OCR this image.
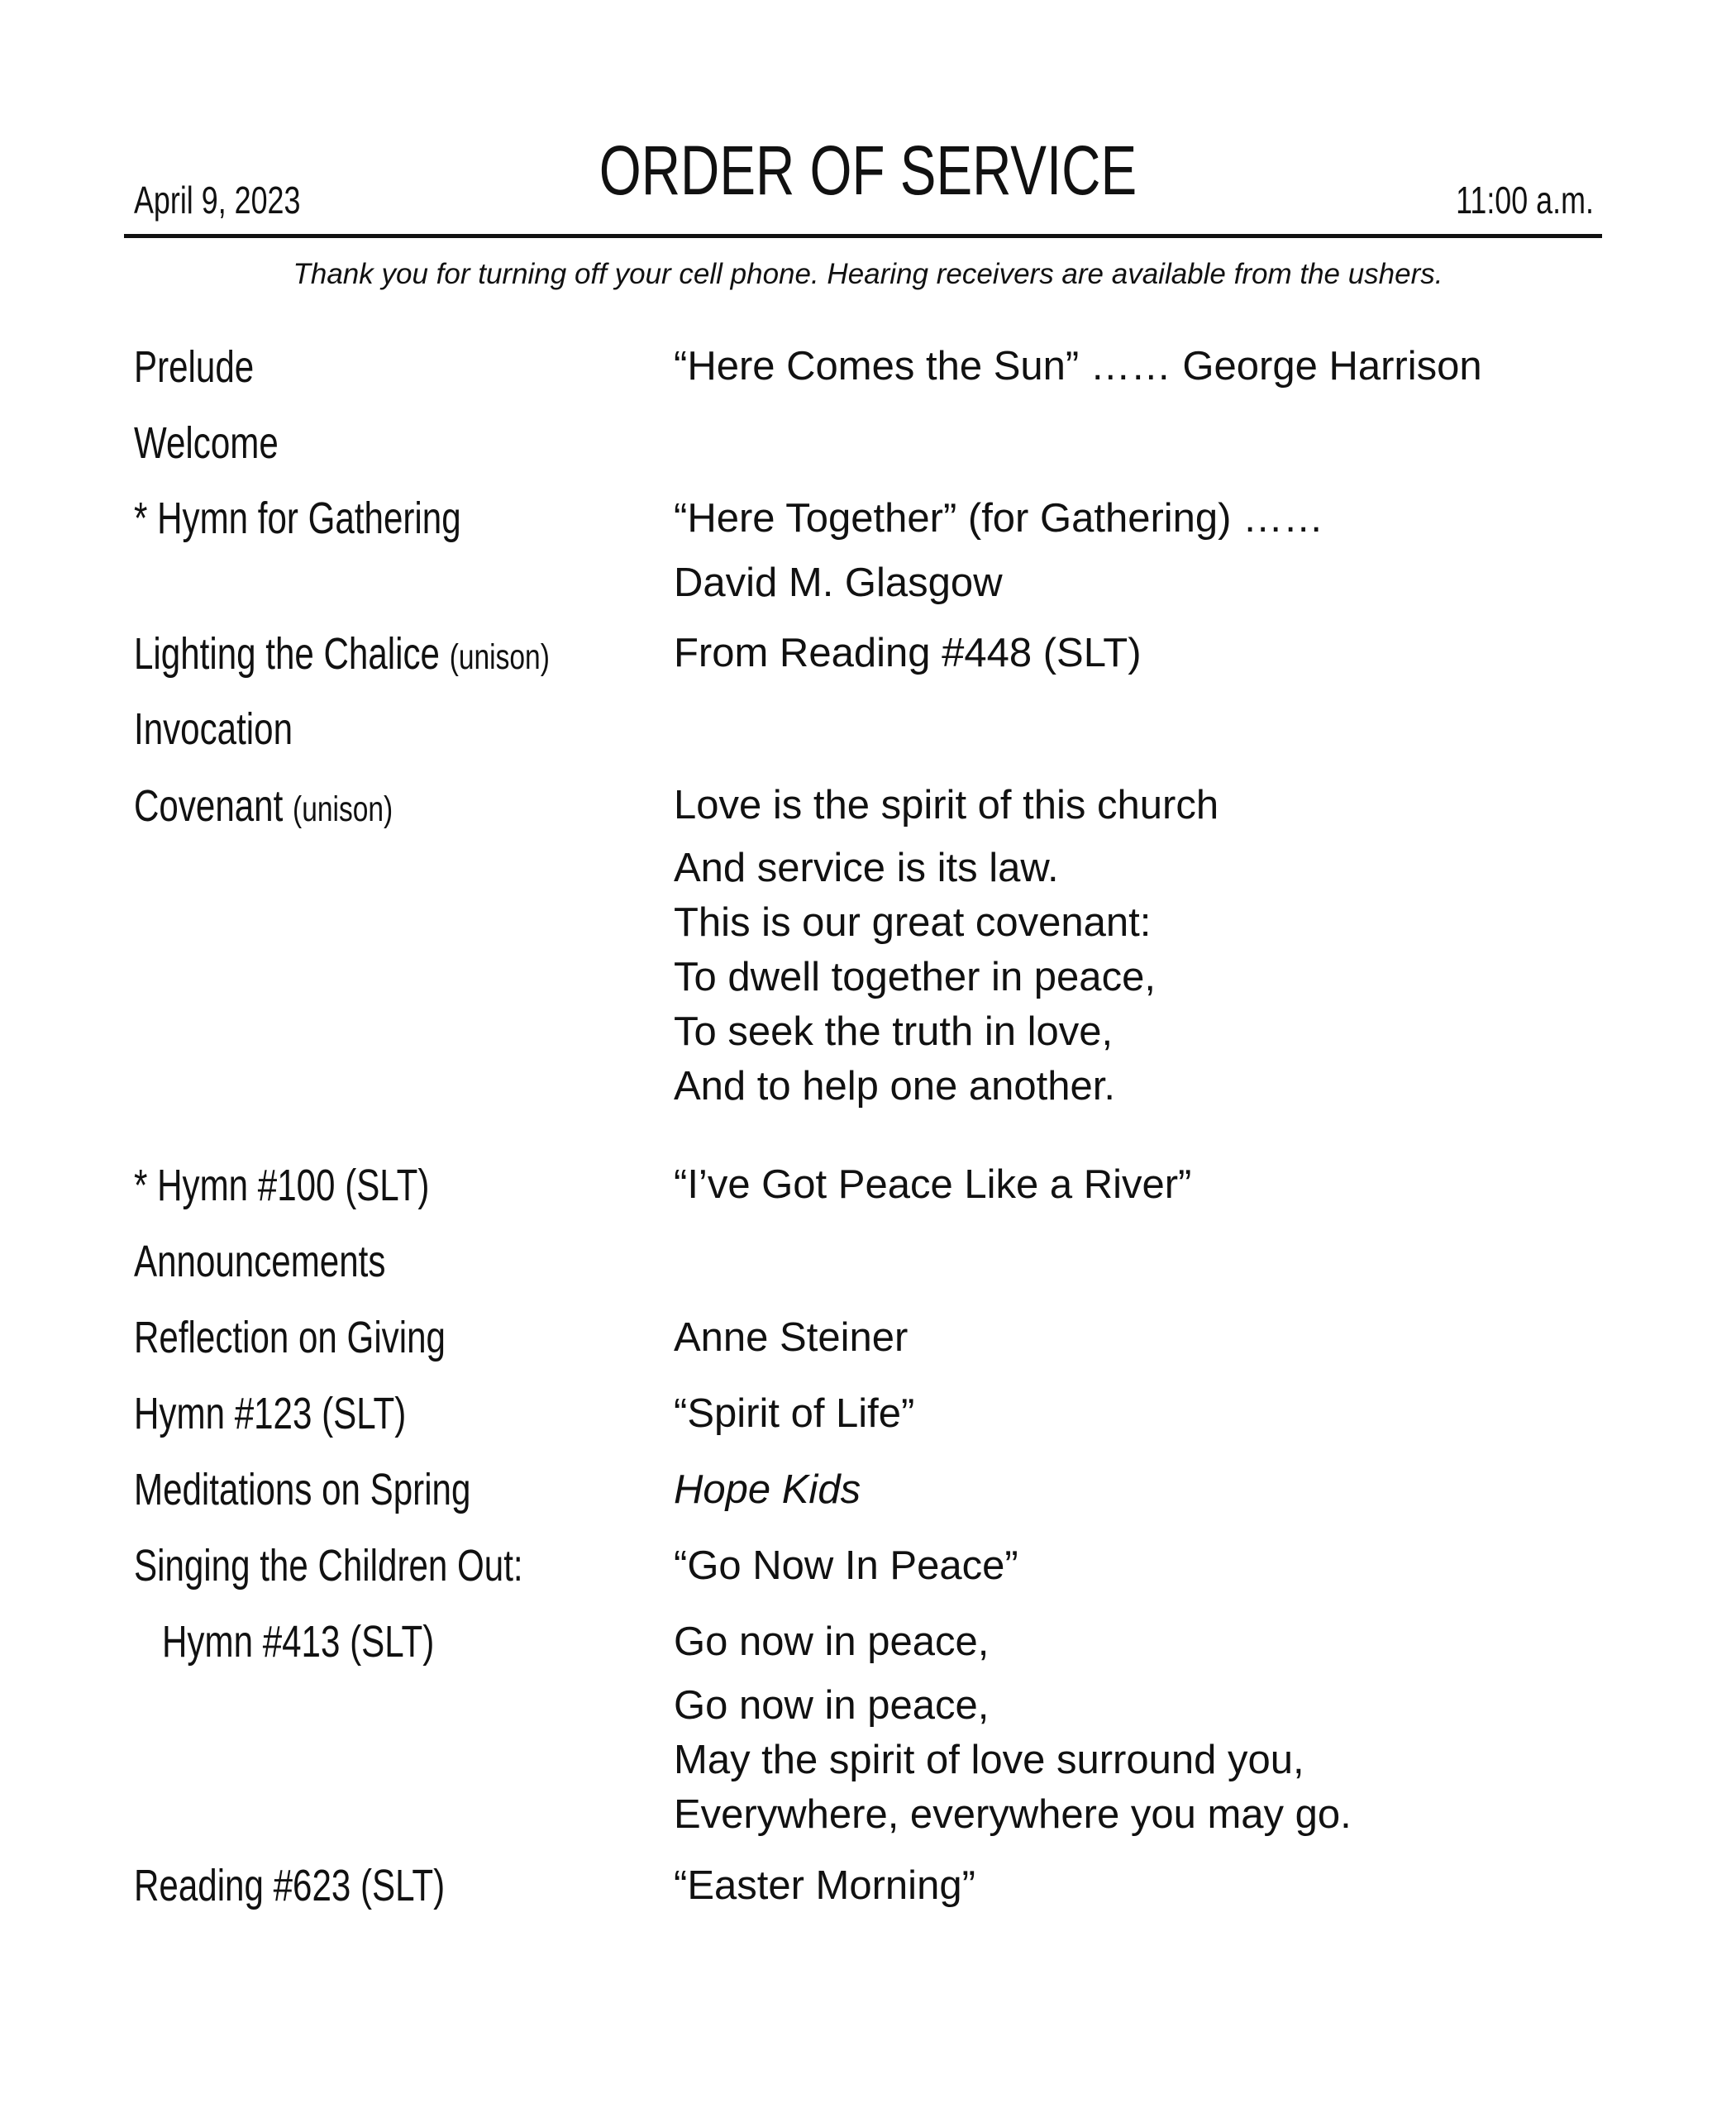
April 9, 2023	ORDER OF SERVICE	11:00 a.m.
Thank you for turning off your cell phone. Hearing receivers are available from the ushers.
Prelude	“Here Comes the Sun” …… George Harrison
Welcome
* Hymn for Gathering	“Here Together” (for Gathering) ……
David M. Glasgow
Lighting the Chalice (unison)	From Reading #448 (SLT)
Invocation
Covenant (unison)	Love is the spirit of this church
And service is its law.
This is our great covenant:
To dwell together in peace,
To seek the truth in love,
And to help one another.
* Hymn #100 (SLT)	“I’ve Got Peace Like a River”
Announcements
Reflection on Giving	Anne Steiner
Hymn #123 (SLT)	“Spirit of Life”
Meditations on Spring	Hope Kids
Singing the Children Out:	“Go Now In Peace”
Hymn #413 (SLT)	Go now in peace,
Go now in peace,
May the spirit of love surround you,
Everywhere, everywhere you may go.
Reading #623 (SLT)	“Easter Morning”
